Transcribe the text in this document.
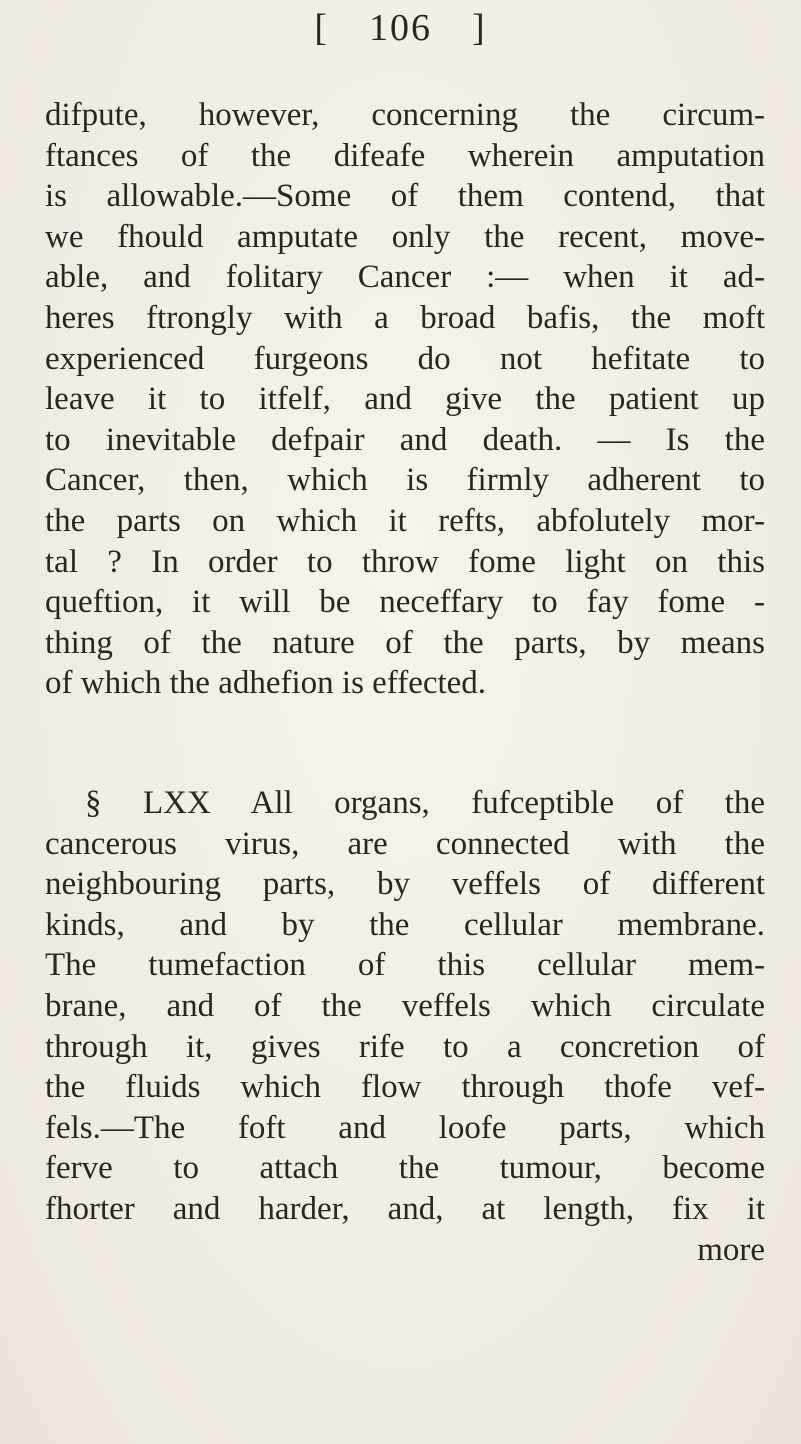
[ 106 ]
difpute, however, concerning the circum-
ftances of the difeafe wherein amputation
is allowable.—Some of them contend, that
we fhould amputate only the recent, move-
able, and folitary Cancer :— when it ad-
heres ftrongly with a broad bafis, the moft
experienced furgeons do not hefitate to
leave it to itfelf, and give the patient up
to inevitable defpair and death. — Is the
Cancer, then, which is firmly adherent to
the parts on which it refts, abfolutely mor-
tal ? In order to throw fome light on this
queftion, it will be neceffary to fay fome -
thing of the nature of the parts, by means
of which the adhefion is effected.
§ LXX All organs, fufceptible of the
cancerous virus, are connected with the
neighbouring parts, by veffels of different
kinds, and by the cellular membrane.
The tumefaction of this cellular mem-
brane, and of the veffels which circulate
through it, gives rife to a concretion of
the fluids which flow through thofe vef-
fels.—The foft and loofe parts, which
ferve to attach the tumour, become
fhorter and harder, and, at length, fix it
more
